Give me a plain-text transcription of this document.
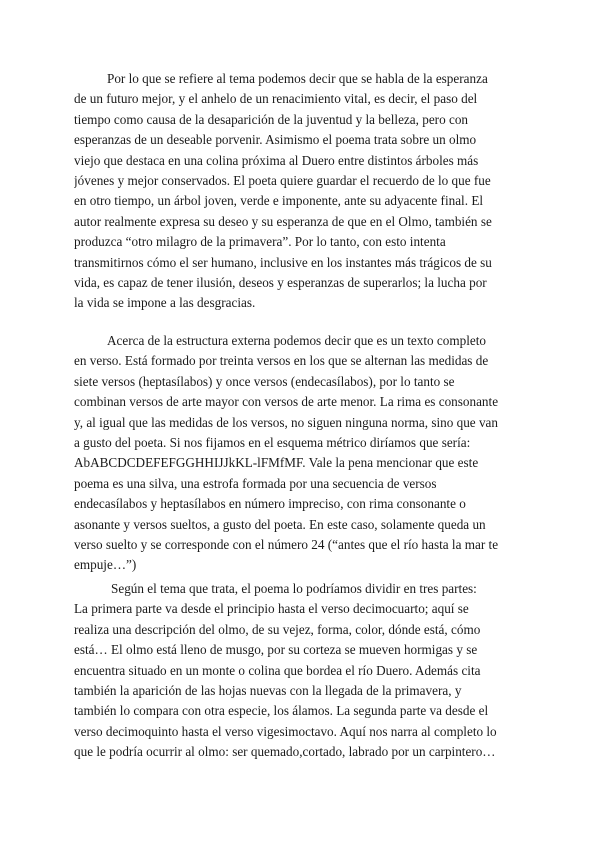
Por lo que se refiere al tema podemos decir que se habla de la esperanza
de un futuro mejor, y el anhelo de un renacimiento vital, es decir, el paso del
tiempo como causa de la desaparición de la juventud y la belleza, pero con
esperanzas de un deseable porvenir. Asimismo el poema trata sobre un olmo
viejo que destaca en una colina próxima al Duero entre distintos árboles más
jóvenes y mejor conservados. El poeta quiere guardar el recuerdo de lo que fue
en otro tiempo, un árbol joven, verde e imponente, ante su adyacente final. El
autor realmente expresa su deseo y su esperanza de que en el Olmo, también se
produzca “otro milagro de la primavera”. Por lo tanto, con esto intenta
transmitirnos cómo el ser humano, inclusive en los instantes más trágicos de su
vida, es capaz de tener ilusión, deseos y esperanzas de superarlos; la lucha por
la vida se impone a las desgracias.
Acerca de la estructura externa podemos decir que es un texto completo
en verso. Está formado por treinta versos en los que se alternan las medidas de
siete versos (heptasílabos) y once versos (endecasílabos), por lo tanto se
combinan versos de arte mayor con versos de arte menor. La rima es consonante
y, al igual que las medidas de los versos, no siguen ninguna norma, sino que van
a gusto del poeta. Si nos fijamos en el esquema métrico diríamos que sería:
AbABCDCDEFEFGGHHIJJkKL-lFMfMF. Vale la pena mencionar que este
poema es una silva, una estrofa formada por una secuencia de versos
endecasílabos y heptasílabos en número impreciso, con rima consonante o
asonante y versos sueltos, a gusto del poeta. En este caso, solamente queda un
verso suelto y se corresponde con el número 24 (“antes que el río hasta la mar te
empuje…”)
Según el tema que trata, el poema lo podríamos dividir en tres partes:
La primera parte va desde el principio hasta el verso decimocuarto; aquí se
realiza una descripción del olmo, de su vejez, forma, color, dónde está, cómo
está… El olmo está lleno de musgo, por su corteza se mueven hormigas y se
encuentra situado en un monte o colina que bordea el río Duero. Además cita
también la aparición de las hojas nuevas con la llegada de la primavera, y
también lo compara con otra especie, los álamos. La segunda parte va desde el
verso decimoquinto hasta el verso vigesimoctavo. Aquí nos narra al completo lo
que le podría ocurrir al olmo: ser quemado,cortado, labrado por un carpintero…
